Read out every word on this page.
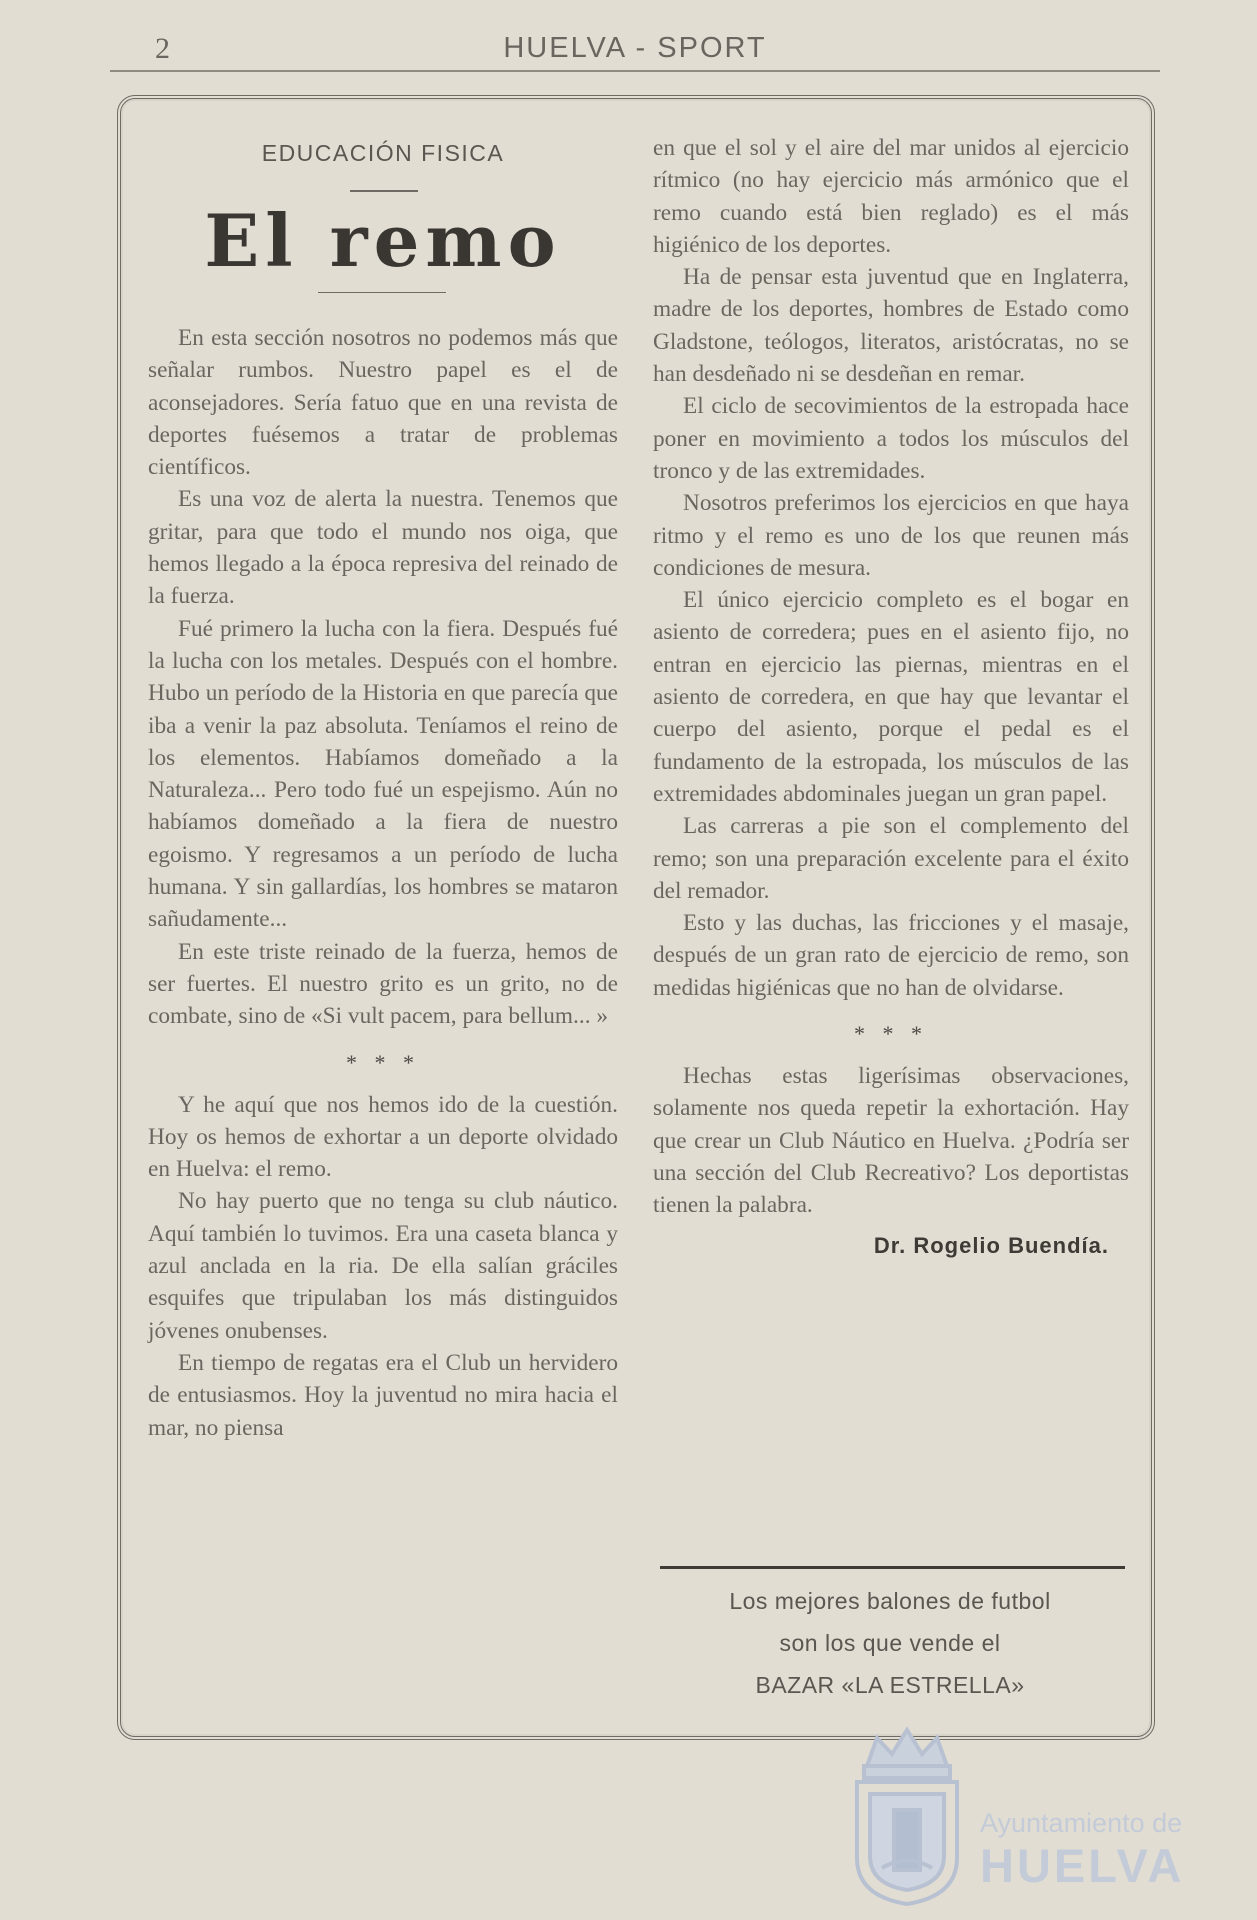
2	HUELVA - SPORT
EDUCACIÓN FISICA
El remo

En esta sección nosotros no podemos más que señalar rumbos. Nuestro papel es el de aconsejadores. Sería fatuo que en una revista de deportes fuésemos a tratar de problemas científicos.

Es una voz de alerta la nuestra. Tenemos que gritar, para que todo el mundo nos oiga, que hemos llegado a la época represiva del reinado de la fuerza.

Fué primero la lucha con la fiera. Después fué la lucha con los metales. Después con el hombre. Hubo un período de la Historia en que parecía que iba a venir la paz absoluta. Teníamos el reino de los elementos. Habíamos domeñado a la Naturaleza... Pero todo fué un espejismo. Aún no habíamos domeñado a la fiera de nuestro egoismo. Y regresamos a un período de lucha humana. Y sin gallardías, los hombres se mataron sañudamente...

En este triste reinado de la fuerza, hemos de ser fuertes. El nuestro grito es un grito, no de combate, sino de «Si vult pacem, para bellum... »

* * *

Y he aquí que nos hemos ido de la cuestión. Hoy os hemos de exhortar a un deporte olvidado en Huelva: el remo.

No hay puerto que no tenga su club náutico. Aquí también lo tuvimos. Era una caseta blanca y azul anclada en la ria. De ella salían gráciles esquifes que tripulaban los más distinguidos jóvenes onubenses.

En tiempo de regatas era el Club un hervidero de entusiasmos. Hoy la juventud no mira hacia el mar, no piensa

en que el sol y el aire del mar unidos al ejercicio rítmico (no hay ejercicio más armónico que el remo cuando está bien reglado) es el más higiénico de los deportes.

Ha de pensar esta juventud que en Inglaterra, madre de los deportes, hombres de Estado como Gladstone, teólogos, literatos, aristócratas, no se han desdeñado ni se desdeñan en remar.

El ciclo de secovimientos de la estropada hace poner en movimiento a todos los músculos del tronco y de las extremidades.

Nosotros preferimos los ejercicios en que haya ritmo y el remo es uno de los que reunen más condiciones de mesura.

El único ejercicio completo es el bogar en asiento de corredera; pues en el asiento fijo, no entran en ejercicio las piernas, mientras en el asiento de corredera, en que hay que levantar el cuerpo del asiento, porque el pedal es el fundamento de la estropada, los músculos de las extremidades abdominales juegan un gran papel.

Las carreras a pie son el complemento del remo; son una preparación excelente para el éxito del remador.

Esto y las duchas, las fricciones y el masaje, después de un gran rato de ejercicio de remo, son medidas higiénicas que no han de olvidarse.

* * *

Hechas estas ligerísimas observaciones, solamente nos queda repetir la exhortación. Hay que crear un Club Náutico en Huelva. ¿Podría ser una sección del Club Recreativo? Los deportistas tienen la palabra.

Dr. Rogelio Buendía.
Los mejores balones de futbol
son los que vende el
BAZAR «LA ESTRELLA»
Ayuntamiento de
HUELVA
